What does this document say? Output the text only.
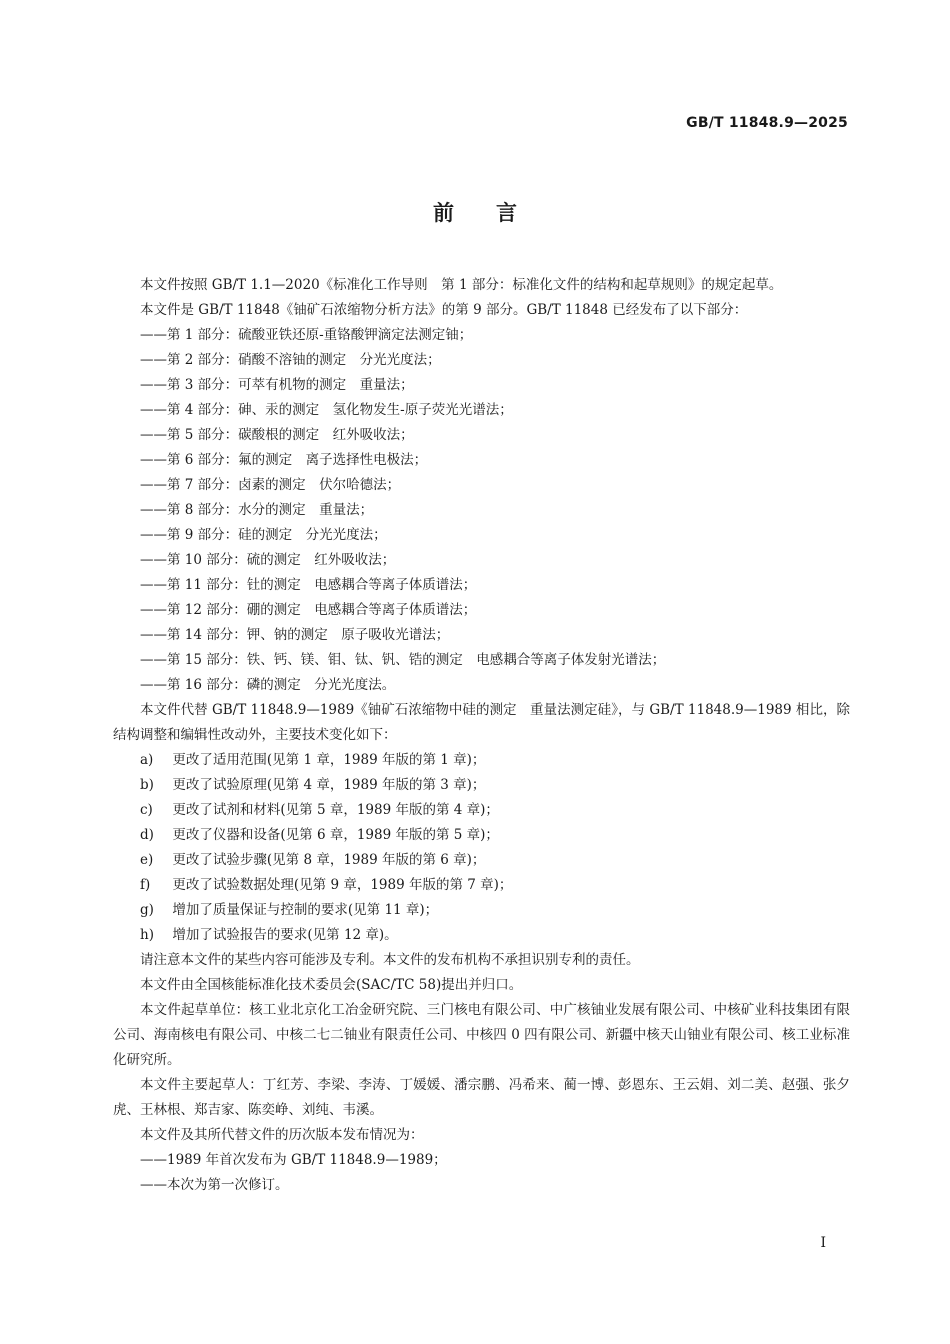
GB/T 11848.9—2025
前言

本文件按照 GB/T 1.1—2020《标准化工作导则　第 1 部分：标准化文件的结构和起草规则》的规定起草。

本文件是 GB/T 11848《铀矿石浓缩物分析方法》的第 9 部分。GB/T 11848 已经发布了以下部分：

——第 1 部分：硫酸亚铁还原-重铬酸钾滴定法测定铀；

——第 2 部分：硝酸不溶铀的测定　分光光度法；

——第 3 部分：可萃有机物的测定　重量法；

——第 4 部分：砷、汞的测定　氢化物发生-原子荧光光谱法；

——第 5 部分：碳酸根的测定　红外吸收法；

——第 6 部分：氟的测定　离子选择性电极法；

——第 7 部分：卤素的测定　伏尔哈德法；

——第 8 部分：水分的测定　重量法；

——第 9 部分：硅的测定　分光光度法；

——第 10 部分：硫的测定　红外吸收法；

——第 11 部分：钍的测定　电感耦合等离子体质谱法；

——第 12 部分：硼的测定　电感耦合等离子体质谱法；

——第 14 部分：钾、钠的测定　原子吸收光谱法；

——第 15 部分：铁、钙、镁、钼、钛、钒、锆的测定　电感耦合等离子体发射光谱法；

——第 16 部分：磷的测定　分光光度法。

本文件代替 GB/T 11848.9—1989《铀矿石浓缩物中硅的测定　重量法测定硅》，与 GB/T 11848.9—1989 相比，除结构调整和编辑性改动外，主要技术变化如下：

a) 更改了适用范围(见第 1 章，1989 年版的第 1 章)；

b) 更改了试验原理(见第 4 章，1989 年版的第 3 章)；

c) 更改了试剂和材料(见第 5 章，1989 年版的第 4 章)；

d) 更改了仪器和设备(见第 6 章，1989 年版的第 5 章)；

e) 更改了试验步骤(见第 8 章，1989 年版的第 6 章)；

f) 更改了试验数据处理(见第 9 章，1989 年版的第 7 章)；

g) 增加了质量保证与控制的要求(见第 11 章)；

h) 增加了试验报告的要求(见第 12 章)。

请注意本文件的某些内容可能涉及专利。本文件的发布机构不承担识别专利的责任。

本文件由全国核能标准化技术委员会(SAC/TC 58)提出并归口。

本文件起草单位：核工业北京化工冶金研究院、三门核电有限公司、中广核铀业发展有限公司、中核矿业科技集团有限公司、海南核电有限公司、中核二七二铀业有限责任公司、中核四 0 四有限公司、新疆中核天山铀业有限公司、核工业标准化研究所。

本文件主要起草人：丁红芳、李梁、李涛、丁媛媛、潘宗鹏、冯希来、蔺一博、彭恩东、王云娟、刘二美、赵强、张夕虎、王林根、郑吉家、陈奕峥、刘纯、韦溪。

本文件及其所代替文件的历次版本发布情况为：

——1989 年首次发布为 GB/T 11848.9—1989；

——本次为第一次修订。

I
